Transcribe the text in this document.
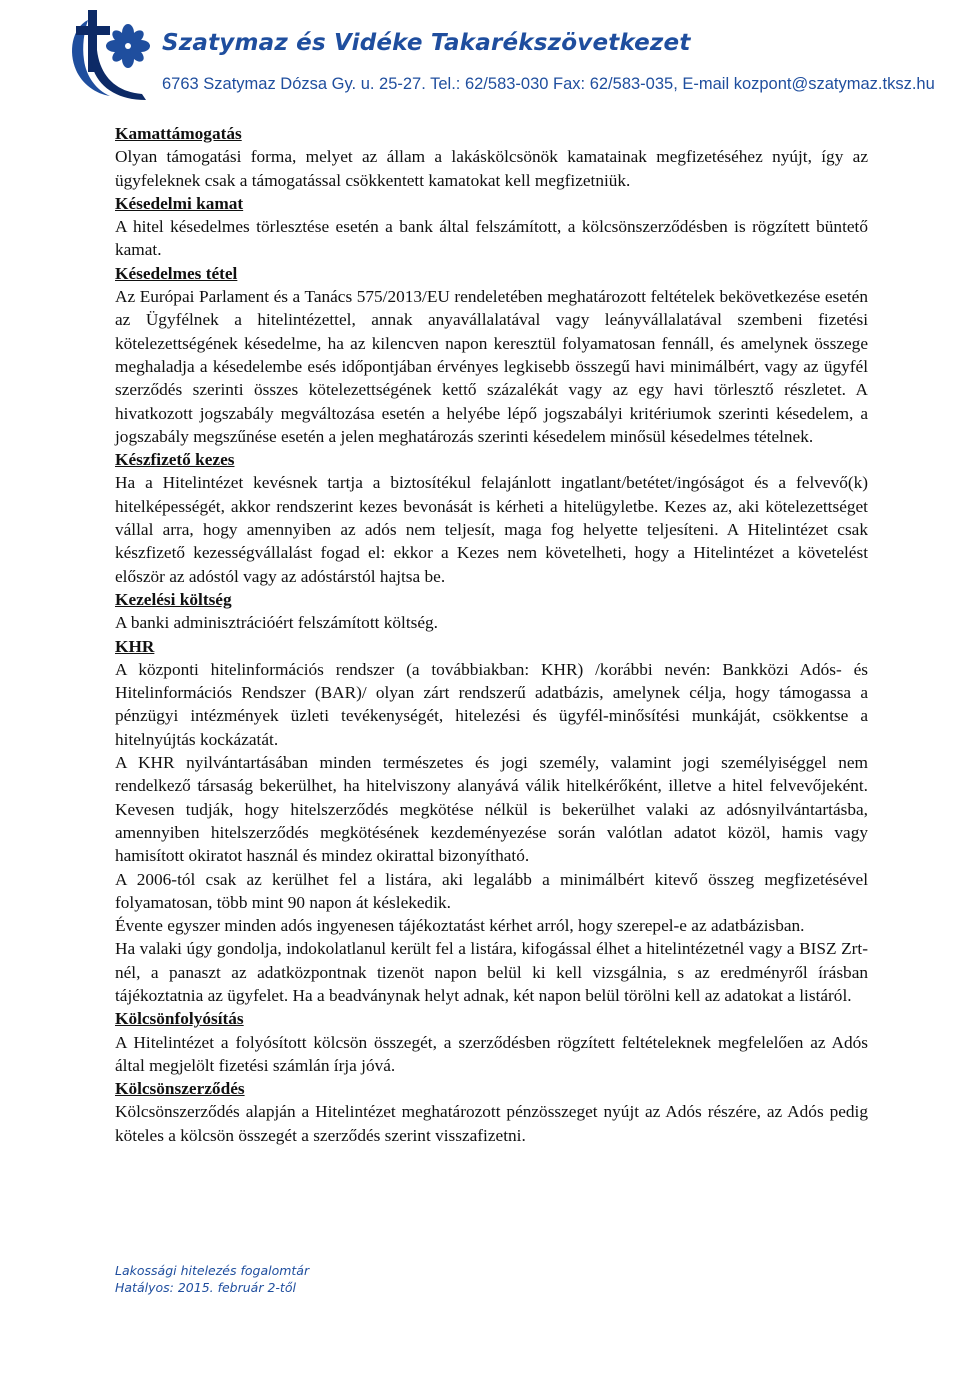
Szatymaz és Vidéke Takarékszövetkezet
6763 Szatymaz Dózsa Gy. u. 25-27. Tel.: 62/583-030 Fax: 62/583-035, E-mail kozpont@szatymaz.tksz.hu
Kamattámogatás

Olyan támogatási forma, melyet az állam a lakáskölcsönök kamatainak megfizetéséhez nyújt, így az ügyfeleknek csak a támogatással csökkentett kamatokat kell megfizetniük.

Késedelmi kamat

A hitel késedelmes törlesztése esetén a bank által felszámított, a kölcsönszerződésben is rögzített büntető kamat.

Késedelmes tétel

Az Európai Parlament és a Tanács 575/2013/EU rendeletében meghatározott feltételek bekövetkezése esetén az Ügyfélnek a hitelintézettel, annak anyavállalatával vagy leányvállalatával szembeni fizetési kötelezettségének késedelme, ha az kilencven napon keresztül folyamatosan fennáll, és amelynek összege meghaladja a késedelembe esés időpontjában érvényes legkisebb összegű havi minimálbért, vagy az ügyfél szerződés szerinti összes kötelezettségének kettő százalékát vagy az egy havi törlesztő részletet. A hivatkozott jogszabály megváltozása esetén a helyébe lépő jogszabályi kritériumok szerinti késedelem, a jogszabály megszűnése esetén a jelen meghatározás szerinti késedelem minősül késedelmes tételnek.

Készfizető kezes

Ha a Hitelintézet kevésnek tartja a biztosítékul felajánlott ingatlant/betétet/ingóságot és a felvevő(k) hitelképességét, akkor rendszerint kezes bevonását is kérheti a hitelügyletbe. Kezes az, aki kötelezettséget vállal arra, hogy amennyiben az adós nem teljesít, maga fog helyette teljesíteni. A Hitelintézet csak készfizető kezességvállalást fogad el: ekkor a Kezes nem követelheti, hogy a Hitelintézet a követelést először az adóstól vagy az adóstárstól hajtsa be.

Kezelési költség

A banki adminisztrációért felszámított költség.

KHR

A központi hitelinformációs rendszer (a továbbiakban: KHR) /korábbi nevén: Bankközi Adós- és Hitelinformációs Rendszer (BAR)/ olyan zárt rendszerű adatbázis, amelynek célja, hogy támogassa a pénzügyi intézmények üzleti tevékenységét, hitelezési és ügyfél-minősítési munkáját, csökkentse a hitelnyújtás kockázatát.

A KHR nyilvántartásában minden természetes és jogi személy, valamint jogi személyiséggel nem rendelkező társaság bekerülhet, ha hitelviszony alanyává válik hitelkérőként, illetve a hitel felvevőjeként. Kevesen tudják, hogy hitelszerződés megkötése nélkül is bekerülhet valaki az adósnyilvántartásba, amennyiben hitelszerződés megkötésének kezdeményezése során valótlan adatot közöl, hamis vagy hamisított okiratot használ és mindez okirattal bizonyítható.

A 2006-tól csak az kerülhet fel a listára, aki legalább a minimálbért kitevő összeg megfizetésével folyamatosan, több mint 90 napon át késlekedik.

Évente egyszer minden adós ingyenesen tájékoztatást kérhet arról, hogy szerepel-e az adatbázisban.

Ha valaki úgy gondolja, indokolatlanul került fel a listára, kifogással élhet a hitelintézetnél vagy a BISZ Zrt-nél, a panaszt az adatközpontnak tizenöt napon belül ki kell vizsgálnia, s az eredményről írásban tájékoztatnia az ügyfelet. Ha a beadványnak helyt adnak, két napon belül törölni kell az adatokat a listáról.

Kölcsönfolyósítás

A Hitelintézet a folyósított kölcsön összegét, a szerződésben rögzített feltételeknek megfelelően az Adós által megjelölt fizetési számlán írja jóvá.

Kölcsönszerződés

Kölcsönszerződés alapján a Hitelintézet meghatározott pénzösszeget nyújt az Adós részére, az Adós pedig köteles a kölcsön összegét a szerződés szerint visszafizetni.

Lakossági hitelezés fogalomtár
Hatályos: 2015. február 2-től
